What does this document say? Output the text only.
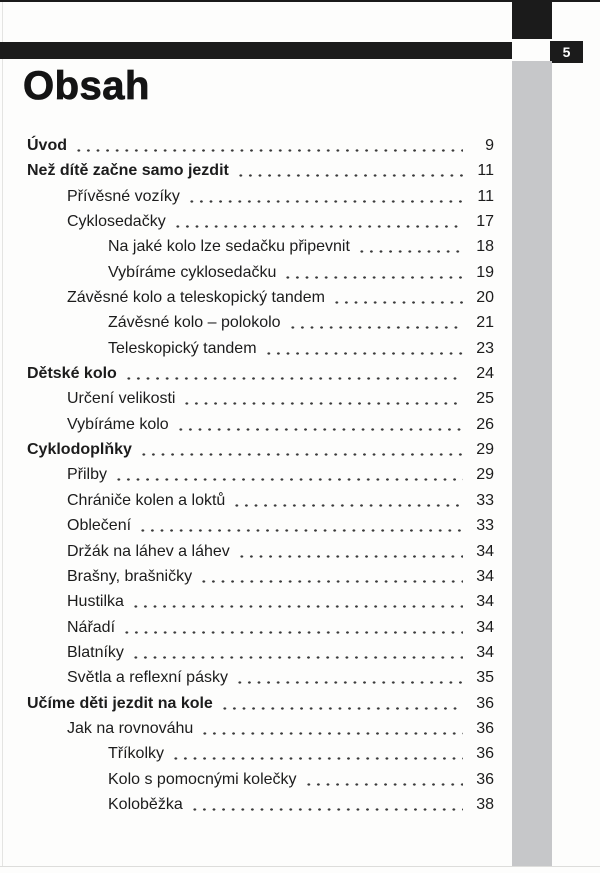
5
Obsah
Úvod	9
Než dítě začne samo jezdit	11
Přívěsné vozíky	11
Cyklosedačky	17
Na jaké kolo lze sedačku připevnit	18
Vybíráme cyklosedačku	19
Závěsné kolo a teleskopický tandem	20
Závěsné kolo – polokolo	21
Teleskopický tandem	23
Dětské kolo	24
Určení velikosti	25
Vybíráme kolo	26
Cyklodoplňky	29
Přilby	29
Chrániče kolen a loktů	33
Oblečení	33
Držák na láhev a láhev	34
Brašny, brašničky	34
Hustilka	34
Nářadí	34
Blatníky	34
Světla a reflexní pásky	35
Učíme děti jezdit na kole	36
Jak na rovnováhu	36
Tříkolky	36
Kolo s pomocnými kolečky	36
Koloběžka	38
